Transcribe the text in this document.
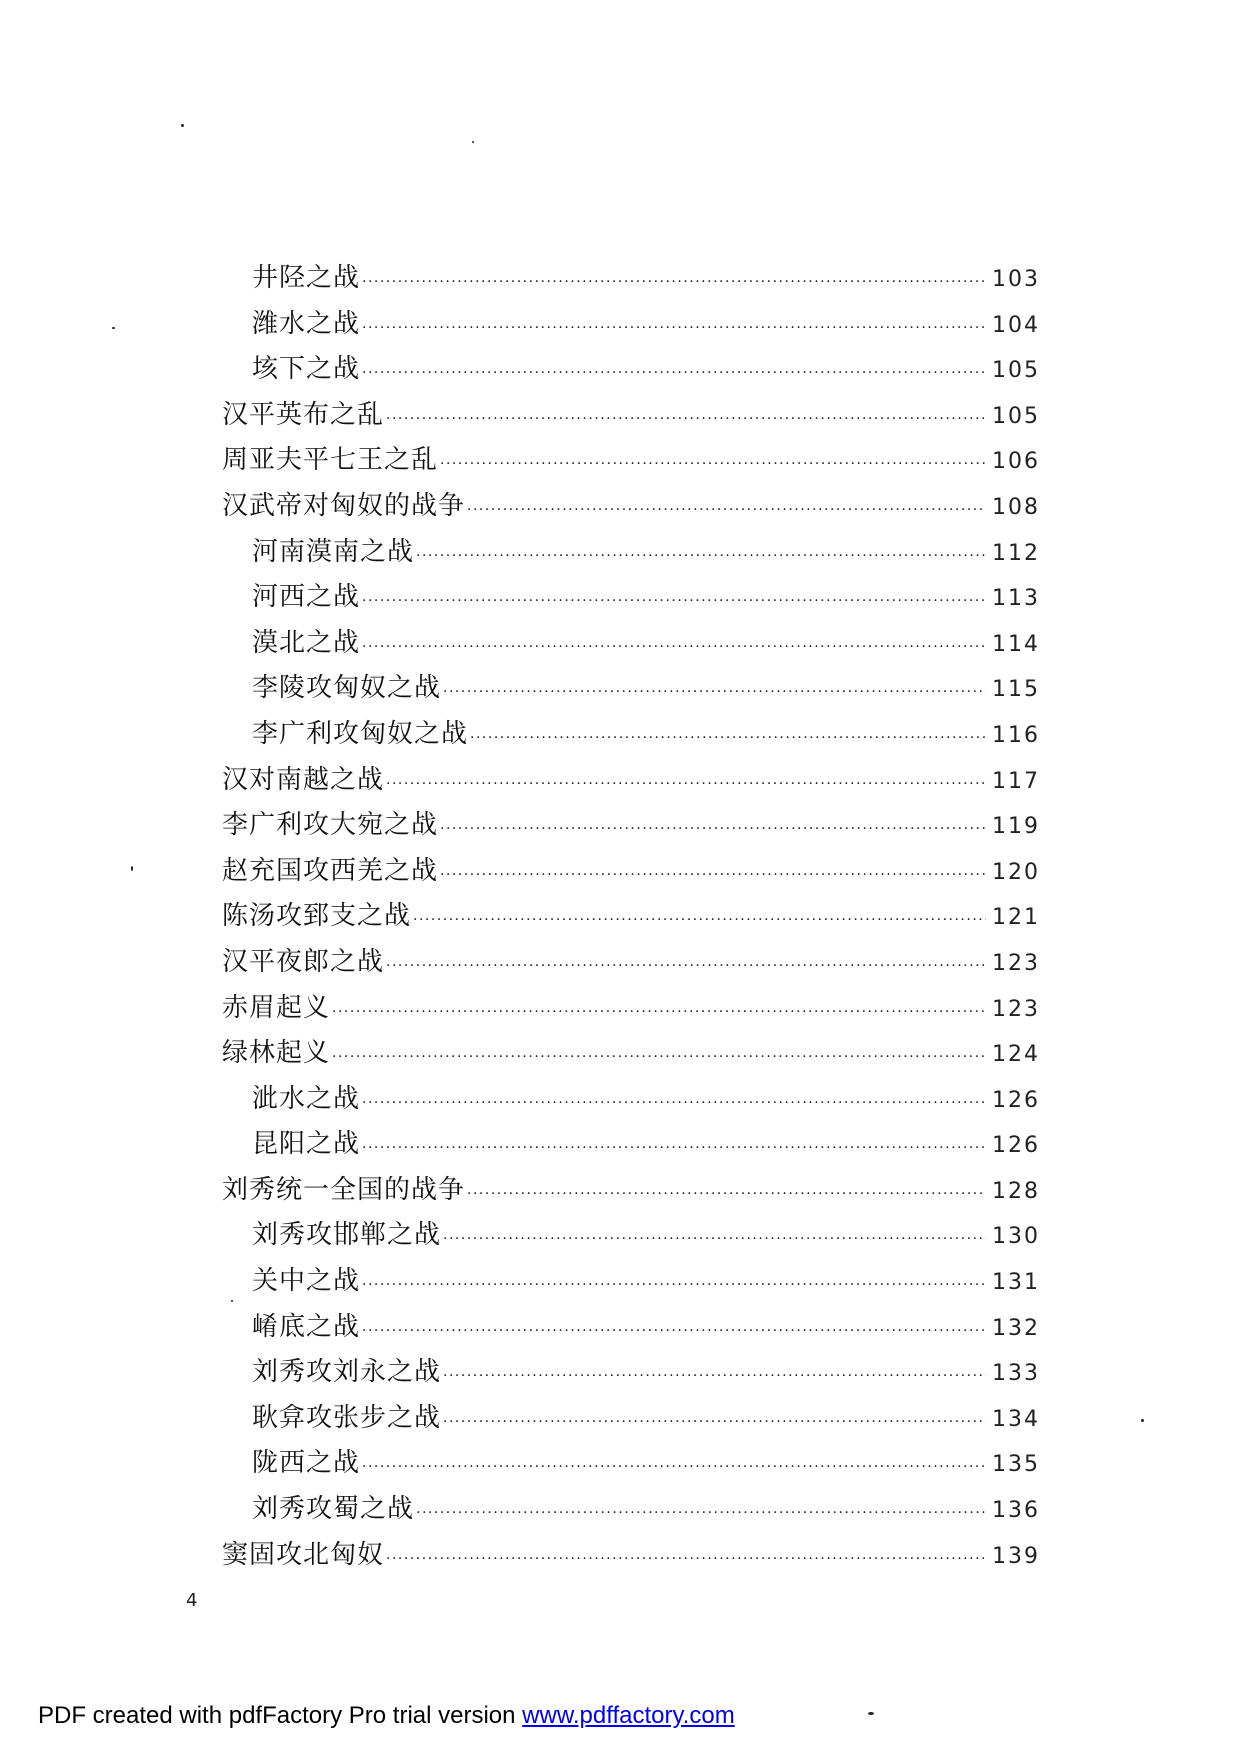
井陉之战 ·····	103
潍水之战 ·····	104
垓下之战 ·····	105
汉平英布之乱 ·····	105
周亚夫平七王之乱 ·····	106
汉武帝对匈奴的战争 ·····	108
河南漠南之战 ·····	112
河西之战 ·····	113
漠北之战 ·····	114
李陵攻匈奴之战 ·····	115
李广利攻匈奴之战 ·····	116
汉对南越之战 ·····	117
李广利攻大宛之战 ·····	119
赵充国攻西羌之战 ·····	120
陈汤攻郅支之战 ·····	121
汉平夜郎之战 ·····	123
赤眉起义 ·····	123
绿林起义 ·····	124
泚水之战 ·····	126
昆阳之战 ·····	126
刘秀统一全国的战争 ·····	128
刘秀攻邯郸之战 ·····	130
关中之战 ·····	131
崤底之战 ·····	132
刘秀攻刘永之战 ·····	133
耿弇攻张步之战 ·····	134
陇西之战 ·····	135
刘秀攻蜀之战 ·····	136
窦固攻北匈奴 ·····	139
4
PDF created with pdfFactory Pro trial version www.pdffactory.com
